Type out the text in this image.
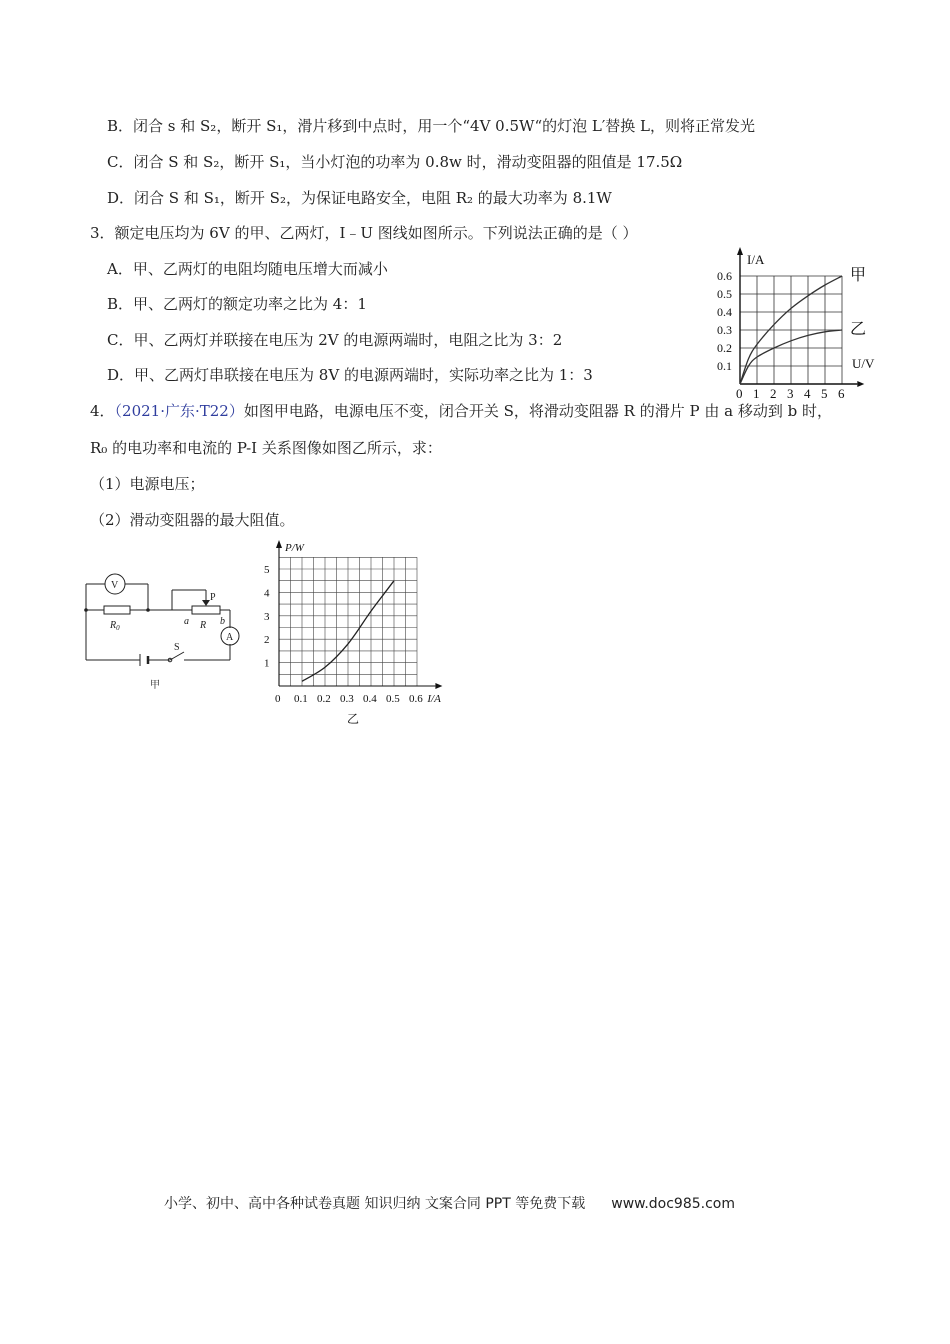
B．闭合 s 和 S₂，断开 S₁，滑片移到中点时，用一个“4V 0.5W“的灯泡 L′替换 L，则将正常发光
C．闭合 S 和 S₂，断开 S₁，当小灯泡的功率为 0.8w 时，滑动变阻器的阻值是 17.5Ω
D．闭合 S 和 S₁，断开 S₂，为保证电路安全，电阻 R₂ 的最大功率为 8.1W
3．额定电压均为 6V 的甲、乙两灯，I﹣U 图线如图所示。下列说法正确的是（ ）
A．甲、乙两灯的电阻均随电压增大而减小
B．甲、乙两灯的额定功率之比为 4：1
C．甲、乙两灯并联接在电压为 2V 的电源两端时，电阻之比为 3：2
D．甲、乙两灯串联接在电压为 8V 的电源两端时，实际功率之比为 1：3
0 1 2 3 4 5 6
0.1
0.2
0.3
0.4
0.5
0.6
I/A
U/V
甲
乙
4．（2021·广东·T22）如图甲电路，电源电压不变，闭合开关 S，将滑动变阻器 R 的滑片 P 由 a 移动到 b 时，
R₀ 的电功率和电流的 P-I 关系图像如图乙所示，求：
（1）电源电压；
（2）滑动变阻器的最大阻值。
V
A
$R_0$	R
P
a	b
S
甲
0 0.1 0.2 0.3 0.4 0.5 0.6
1
2
3
4
5
P/W
I/A
乙
小学、初中、高中各种试卷真题 知识归纳 文案合同 PPT 等免费下载 www.doc985.com
